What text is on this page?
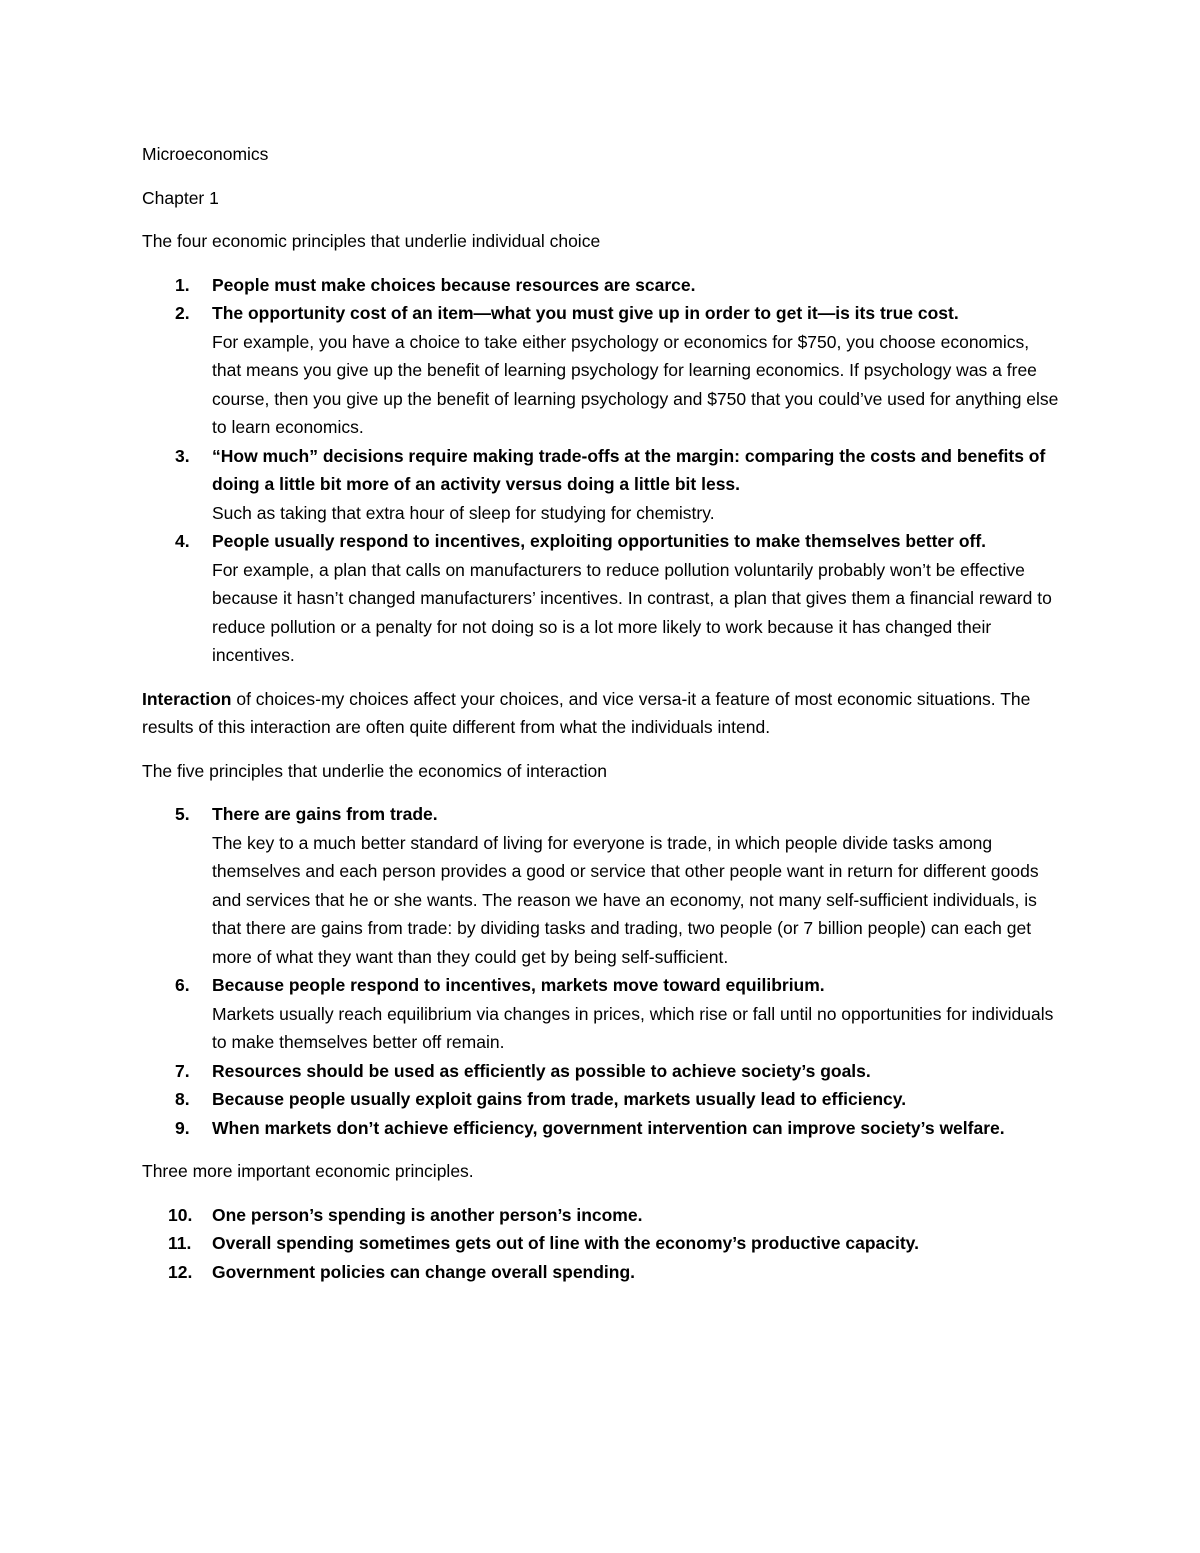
Microeconomics

Chapter 1

The four economic principles that underlie individual choice

1. People must make choices because resources are scarce.
2. The opportunity cost of an item—what you must give up in order to get it—is its true cost.
For example, you have a choice to take either psychology or economics for $750, you choose economics, that means you give up the benefit of learning psychology for learning economics. If psychology was a free course, then you give up the benefit of learning psychology and $750 that you could’ve used for anything else to learn economics.
3. “How much” decisions require making trade-offs at the margin: comparing the costs and benefits of doing a little bit more of an activity versus doing a little bit less.
Such as taking that extra hour of sleep for studying for chemistry.
4. People usually respond to incentives, exploiting opportunities to make themselves better off.
For example, a plan that calls on manufacturers to reduce pollution voluntarily probably won’t be effective because it hasn’t changed manufacturers’ incentives. In contrast, a plan that gives them a financial reward to reduce pollution or a penalty for not doing so is a lot more likely to work because it has changed their incentives.

Interaction of choices-my choices affect your choices, and vice versa-it a feature of most economic situations. The results of this interaction are often quite different from what the individuals intend.

The five principles that underlie the economics of interaction

5. There are gains from trade.
The key to a much better standard of living for everyone is trade, in which people divide tasks among themselves and each person provides a good or service that other people want in return for different goods and services that he or she wants. The reason we have an economy, not many self-sufficient individuals, is that there are gains from trade: by dividing tasks and trading, two people (or 7 billion people) can each get more of what they want than they could get by being self-sufficient.
6. Because people respond to incentives, markets move toward equilibrium.
Markets usually reach equilibrium via changes in prices, which rise or fall until no opportunities for individuals to make themselves better off remain.
7. Resources should be used as efficiently as possible to achieve society’s goals.
8. Because people usually exploit gains from trade, markets usually lead to efficiency.
9. When markets don’t achieve efficiency, government intervention can improve society’s welfare.

Three more important economic principles.

10. One person’s spending is another person’s income.
11. Overall spending sometimes gets out of line with the economy’s productive capacity.
12. Government policies can change overall spending.
